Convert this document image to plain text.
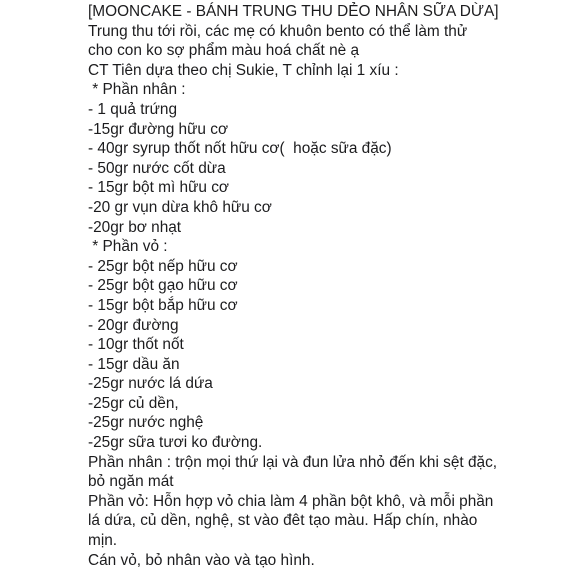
[MOONCAKE - BÁNH TRUNG THU DẺO NHÂN SỮA DỪA]

Trung thu tới rồi, các mẹ có khuôn bento có thể làm thử

cho con ko sợ phẩm màu hoá chất nè ạ

CT Tiên dựa theo chị Sukie, T chỉnh lại 1 xíu :

* Phần nhân :

- 1 quả trứng

-15gr đường hữu cơ

- 40gr syrup thốt nốt hữu cơ(  hoặc sữa đặc)

- 50gr nước cốt dừa

- 15gr bột mì hữu cơ

-20 gr vụn dừa khô hữu cơ

-20gr bơ nhạt

* Phần vỏ :

- 25gr bột nếp hữu cơ

- 25gr bột gạo hữu cơ

- 15gr bột bắp hữu cơ

- 20gr đường

- 10gr thốt nốt

- 15gr dầu ăn

-25gr nước lá dứa

-25gr củ dền,

-25gr nước nghệ

-25gr sữa tươi ko đường.

Phần nhân : trộn mọi thứ lại và đun lửa nhỏ đến khi sệt đặc,

bỏ ngăn mát

Phần vỏ: Hỗn hợp vỏ chia làm 4 phần bột khô, và mỗi phần

lá dứa, củ dền, nghệ, st vào đêt tạo màu. Hấp chín, nhào

mịn.

Cán vỏ, bỏ nhân vào và tạo hình.
